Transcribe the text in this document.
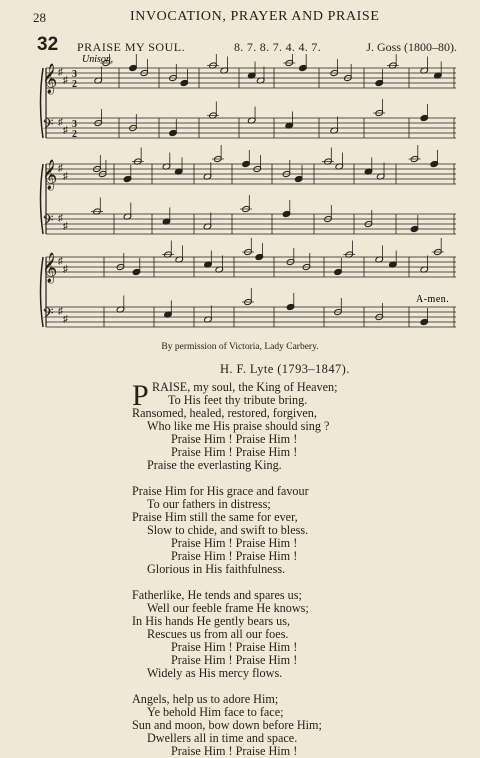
28	INVOCATION, PRAYER AND PRAISE
32 PRAISE MY SOUL.	8. 7. 8. 7. 4. 4. 7.	J. Goss (1800–80).
Unison.
𝄞 ♯
♯
𝄢 ♯
♯
3
2
3
2
𝄞 ♯
♯
𝄢 ♯
♯
𝄞 ♯
♯
𝄢 ♯
♯
A-men.
By permission of Victoria, Lady Carbery.
H. F. Lyte (1793–1847).
P RAISE, my soul, the King of Heaven;
To His feet thy tribute bring.
Ransomed, healed, restored, forgiven,
Who like me His praise should sing ?
Praise Him ! Praise Him !
Praise Him ! Praise Him !
Praise the everlasting King.
Praise Him for His grace and favour
To our fathers in distress;
Praise Him still the same for ever,
Slow to chide, and swift to bless.
Praise Him ! Praise Him !
Praise Him ! Praise Him !
Glorious in His faithfulness.
Fatherlike, He tends and spares us;
Well our feeble frame He knows;
In His hands He gently bears us,
Rescues us from all our foes.
Praise Him ! Praise Him !
Praise Him ! Praise Him !
Widely as His mercy flows.
Angels, help us to adore Him;
Ye behold Him face to face;
Sun and moon, bow down before Him;
Dwellers all in time and space.
Praise Him ! Praise Him !
